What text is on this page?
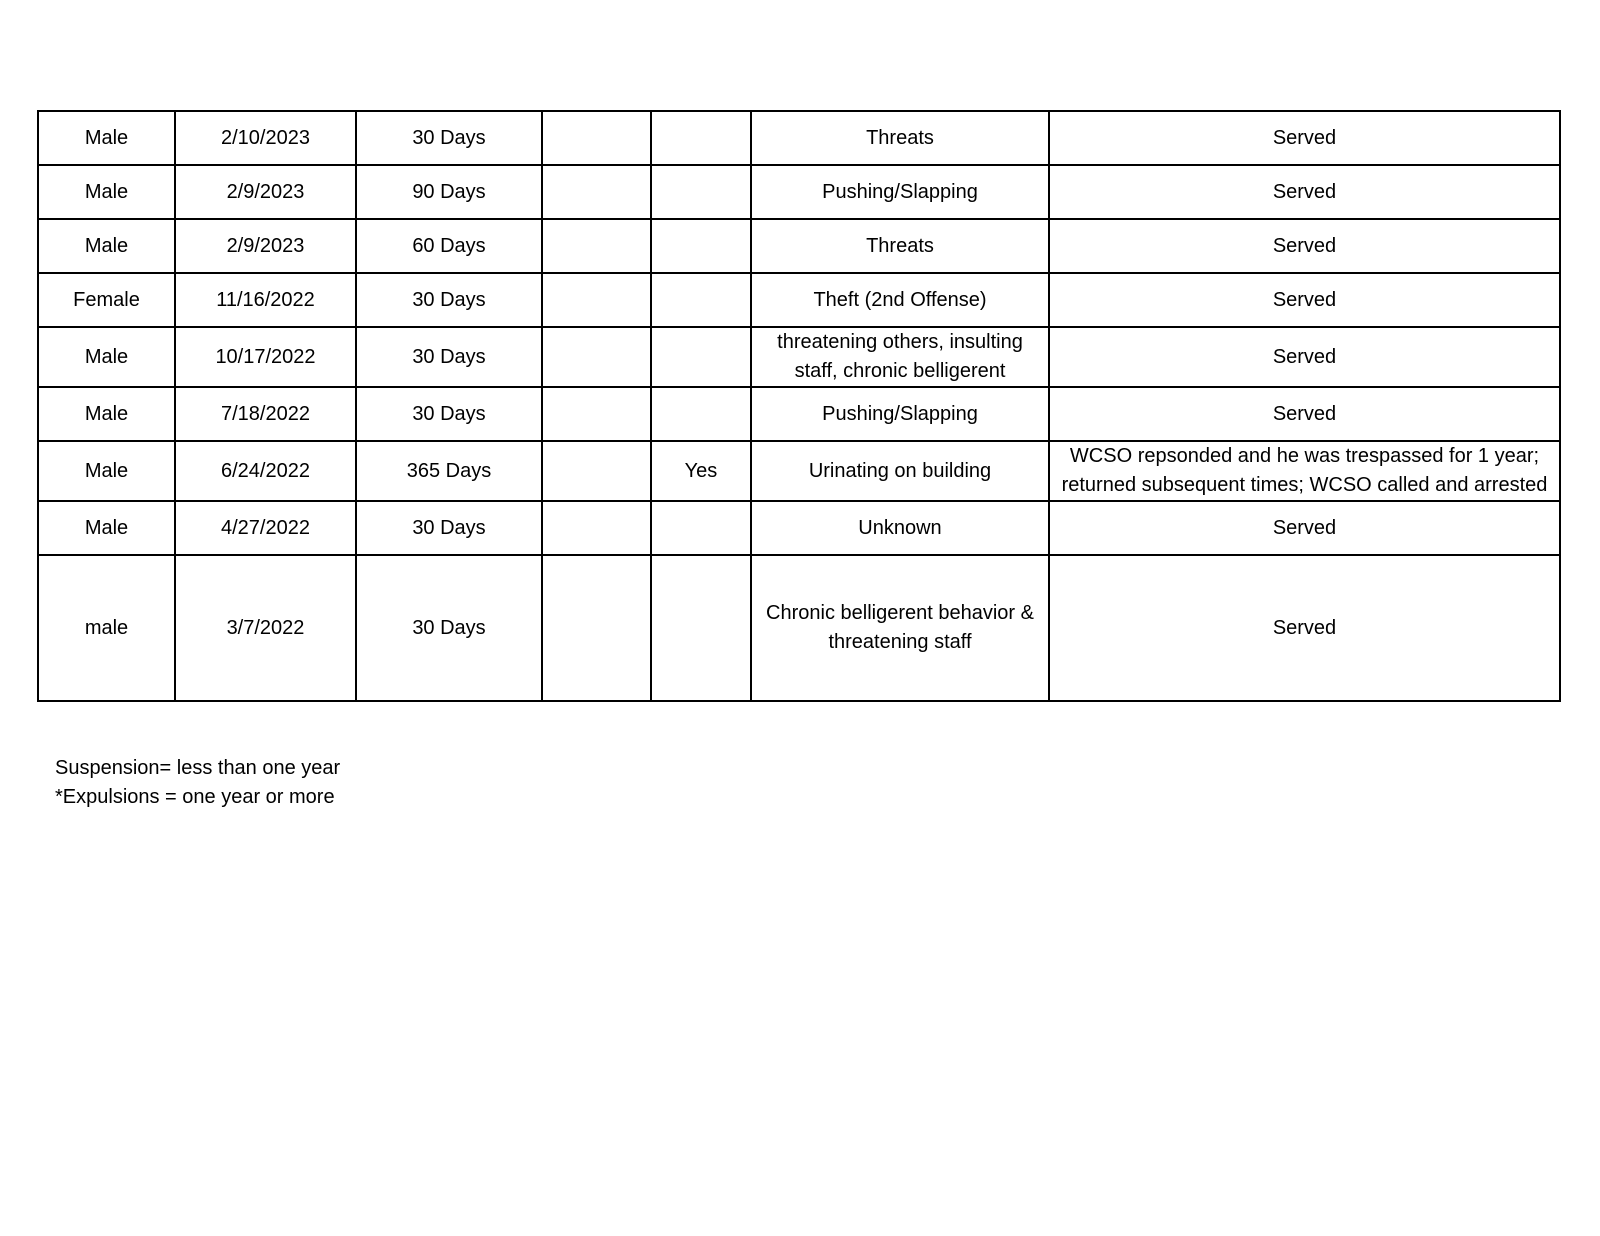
Male	2/10/2023	30 Days			Threats	Served
Male	2/9/2023	90 Days			Pushing/Slapping	Served
Male	2/9/2023	60 Days			Threats	Served
Female	11/16/2022	30 Days			Theft (2nd Offense)	Served
Male	10/17/2022	30 Days			threatening others, insulting staff, chronic belligerent	Served
Male	7/18/2022	30 Days			Pushing/Slapping	Served
Male	6/24/2022	365 Days		Yes	Urinating on building	WCSO repsonded and he was trespassed for 1 year; returned subsequent times; WCSO called and arrested
Male	4/27/2022	30 Days			Unknown	Served
male	3/7/2022	30 Days			Chronic belligerent behavior & threatening staff	Served
Suspension= less than one year
*Expulsions = one year or more
